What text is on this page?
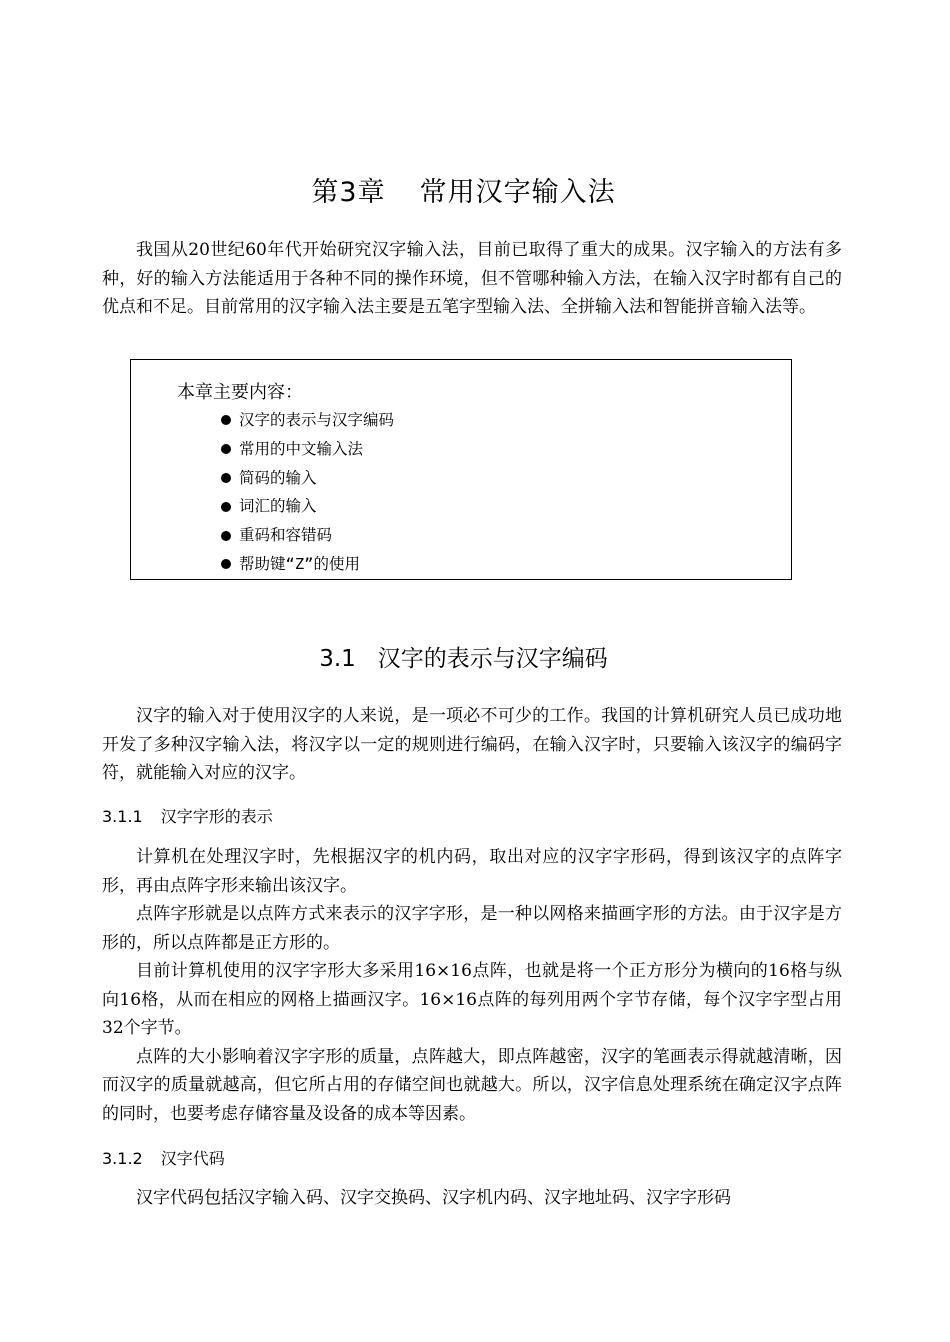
第3章 常用汉字输入法

我国从20世纪60年代开始研究汉字输入法，目前已取得了重大的成果。汉字输入的方法有多种，好的输入方法能适用于各种不同的操作环境，但不管哪种输入方法，在输入汉字时都有自己的优点和不足。目前常用的汉字输入法主要是五笔字型输入法、全拼输入法和智能拼音输入法等。

本章主要内容：
汉字的表示与汉字编码
常用的中文输入法
简码的输入
词汇的输入
重码和容错码
帮助键“Z”的使用
3.1 汉字的表示与汉字编码

汉字的输入对于使用汉字的人来说，是一项必不可少的工作。我国的计算机研究人员已成功地开发了多种汉字输入法，将汉字以一定的规则进行编码，在输入汉字时，只要输入该汉字的编码字符，就能输入对应的汉字。

3.1.1 汉字字形的表示

计算机在处理汉字时，先根据汉字的机内码，取出对应的汉字字形码，得到该汉字的点阵字形，再由点阵字形来输出该汉字。

点阵字形就是以点阵方式来表示的汉字字形，是一种以网格来描画字形的方法。由于汉字是方形的，所以点阵都是正方形的。

目前计算机使用的汉字字形大多采用16×16点阵，也就是将一个正方形分为横向的16格与纵向16格，从而在相应的网格上描画汉字。16×16点阵的每列用两个字节存储，每个汉字字型占用32个字节。

点阵的大小影响着汉字字形的质量，点阵越大，即点阵越密，汉字的笔画表示得就越清晰，因而汉字的质量就越高，但它所占用的存储空间也就越大。所以，汉字信息处理系统在确定汉字点阵的同时，也要考虑存储容量及设备的成本等因素。

3.1.2 汉字代码

汉字代码包括汉字输入码、汉字交换码、汉字机内码、汉字地址码、汉字字形码
